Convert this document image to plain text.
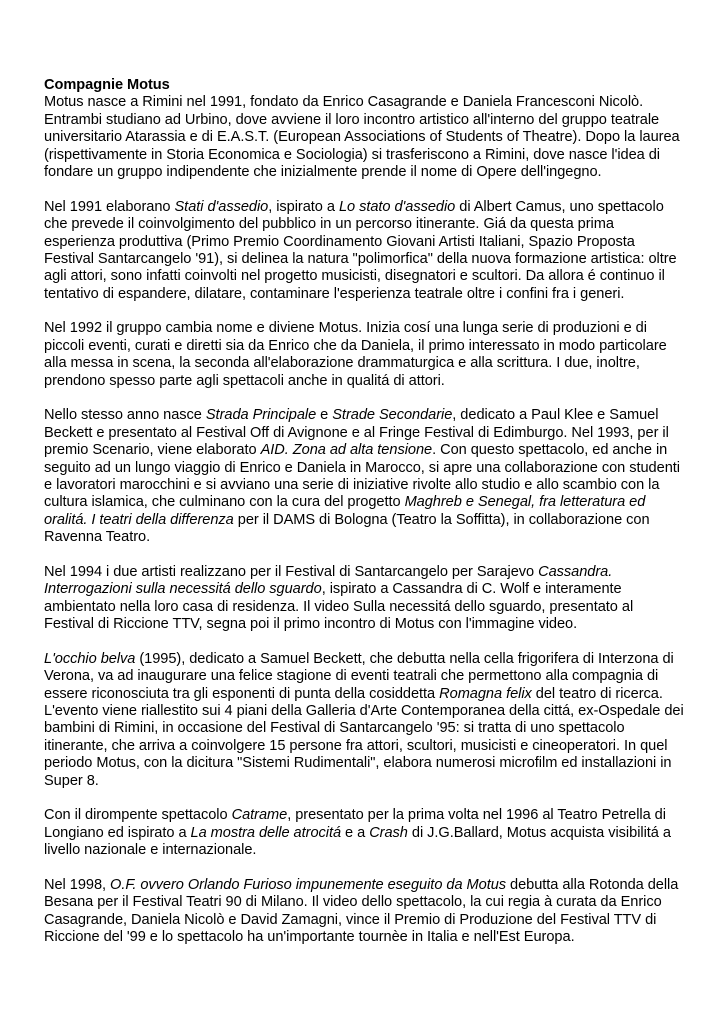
Compagnie Motus
Motus nasce a Rimini nel 1991, fondato da Enrico Casagrande e Daniela Francesconi Nicolò. Entrambi studiano ad Urbino, dove avviene il loro incontro artistico all'interno del gruppo teatrale universitario Atarassia e di E.A.S.T. (European Associations of Students of Theatre). Dopo la laurea (rispettivamente in Storia Economica e Sociologia) si trasferiscono a Rimini, dove nasce l'idea di fondare un gruppo indipendente che inizialmente prende il nome di Opere dell'ingegno.

Nel 1991 elaborano Stati d'assedio, ispirato a Lo stato d'assedio di Albert Camus, uno spettacolo che prevede il coinvolgimento del pubblico in un percorso itinerante. Giá da questa prima esperienza produttiva (Primo Premio Coordinamento Giovani Artisti Italiani, Spazio Proposta Festival Santarcangelo '91), si delinea la natura "polimorfica" della nuova formazione artistica: oltre agli attori, sono infatti coinvolti nel progetto musicisti, disegnatori e scultori. Da allora é continuo il tentativo di espandere, dilatare, contaminare l'esperienza teatrale oltre i confini fra i generi.

Nel 1992 il gruppo cambia nome e diviene Motus. Inizia cosí una lunga serie di produzioni e di piccoli eventi, curati e diretti sia da Enrico che da Daniela, il primo interessato in modo particolare alla messa in scena, la seconda all'elaborazione drammaturgica e alla scrittura. I due, inoltre, prendono spesso parte agli spettacoli anche in qualitá di attori.

Nello stesso anno nasce Strada Principale e Strade Secondarie, dedicato a Paul Klee e Samuel Beckett e presentato al Festival Off di Avignone e al Fringe Festival di Edimburgo. Nel 1993, per il premio Scenario, viene elaborato AID. Zona ad alta tensione. Con questo spettacolo, ed anche in seguito ad un lungo viaggio di Enrico e Daniela in Marocco, si apre una collaborazione con studenti e lavoratori marocchini e si avviano una serie di iniziative rivolte allo studio e allo scambio con la cultura islamica, che culminano con la cura del progetto Maghreb e Senegal, fra letteratura ed oralitá. I teatri della differenza per il DAMS di Bologna (Teatro la Soffitta), in collaborazione con Ravenna Teatro.

Nel 1994 i due artisti realizzano per il Festival di Santarcangelo per Sarajevo Cassandra. Interrogazioni sulla necessitá dello sguardo, ispirato a Cassandra di C. Wolf e interamente ambientato nella loro casa di residenza. Il video Sulla necessitá dello sguardo, presentato al Festival di Riccione TTV, segna poi il primo incontro di Motus con l'immagine video.

L'occhio belva (1995), dedicato a Samuel Beckett, che debutta nella cella frigorifera di Interzona di Verona, va ad inaugurare una felice stagione di eventi teatrali che permettono alla compagnia di essere riconosciuta tra gli esponenti di punta della cosiddetta Romagna felix del teatro di ricerca. L'evento viene riallestito sui 4 piani della Galleria d'Arte Contemporanea della cittá, ex-Ospedale dei bambini di Rimini, in occasione del Festival di Santarcangelo '95: si tratta di uno spettacolo itinerante, che arriva a coinvolgere 15 persone fra attori, scultori, musicisti e cineoperatori. In quel periodo Motus, con la dicitura "Sistemi Rudimentali", elabora numerosi microfilm ed installazioni in Super 8.

Con il dirompente spettacolo Catrame, presentato per la prima volta nel 1996 al Teatro Petrella di Longiano ed ispirato a La mostra delle atrocitá e a Crash di J.G.Ballard, Motus acquista visibilitá a livello nazionale e internazionale.

Nel 1998, O.F. ovvero Orlando Furioso impunemente eseguito da Motus debutta alla Rotonda della Besana per il Festival Teatri 90 di Milano. Il video dello spettacolo, la cui regia à curata da Enrico Casagrande, Daniela Nicolò e David Zamagni, vince il Premio di Produzione del Festival TTV di Riccione del '99 e lo spettacolo ha un'importante tournèe in Italia e nell'Est Europa.
